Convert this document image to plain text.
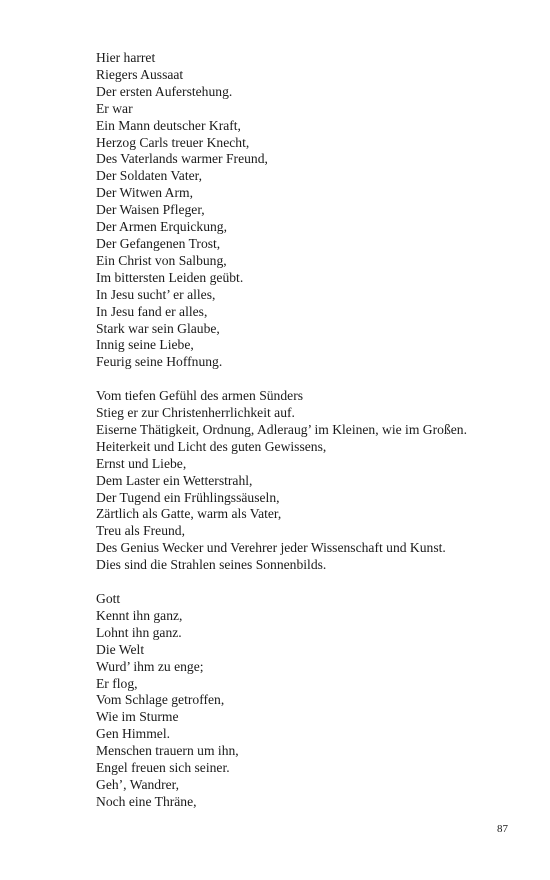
Hier harret
Riegers Aussaat
Der ersten Auferstehung.
Er war
Ein Mann deutscher Kraft,
Herzog Carls treuer Knecht,
Des Vaterlands warmer Freund,
Der Soldaten Vater,
Der Witwen Arm,
Der Waisen Pfleger,
Der Armen Erquickung,
Der Gefangenen Trost,
Ein Christ von Salbung,
Im bittersten Leiden geübt.
In Jesu sucht’ er alles,
In Jesu fand er alles,
Stark war sein Glaube,
Innig seine Liebe,
Feurig seine Hoffnung.

Vom tiefen Gefühl des armen Sünders
Stieg er zur Christenherrlichkeit auf.
Eiserne Thätigkeit, Ordnung, Adleraug’ im Kleinen, wie im Großen.
Heiterkeit und Licht des guten Gewissens,
Ernst und Liebe,
Dem Laster ein Wetterstrahl,
Der Tugend ein Frühlingssäuseln,
Zärtlich als Gatte, warm als Vater,
Treu als Freund,
Des Genius Wecker und Verehrer jeder Wissenschaft und Kunst.
Dies sind die Strahlen seines Sonnenbilds.

Gott
Kennt ihn ganz,
Lohnt ihn ganz.
Die Welt
Wurd’ ihm zu enge;
Er flog,
Vom Schlage getroffen,
Wie im Sturme
Gen Himmel.
Menschen trauern um ihn,
Engel freuen sich seiner.
Geh’, Wandrer,
Noch eine Thräne,

87
